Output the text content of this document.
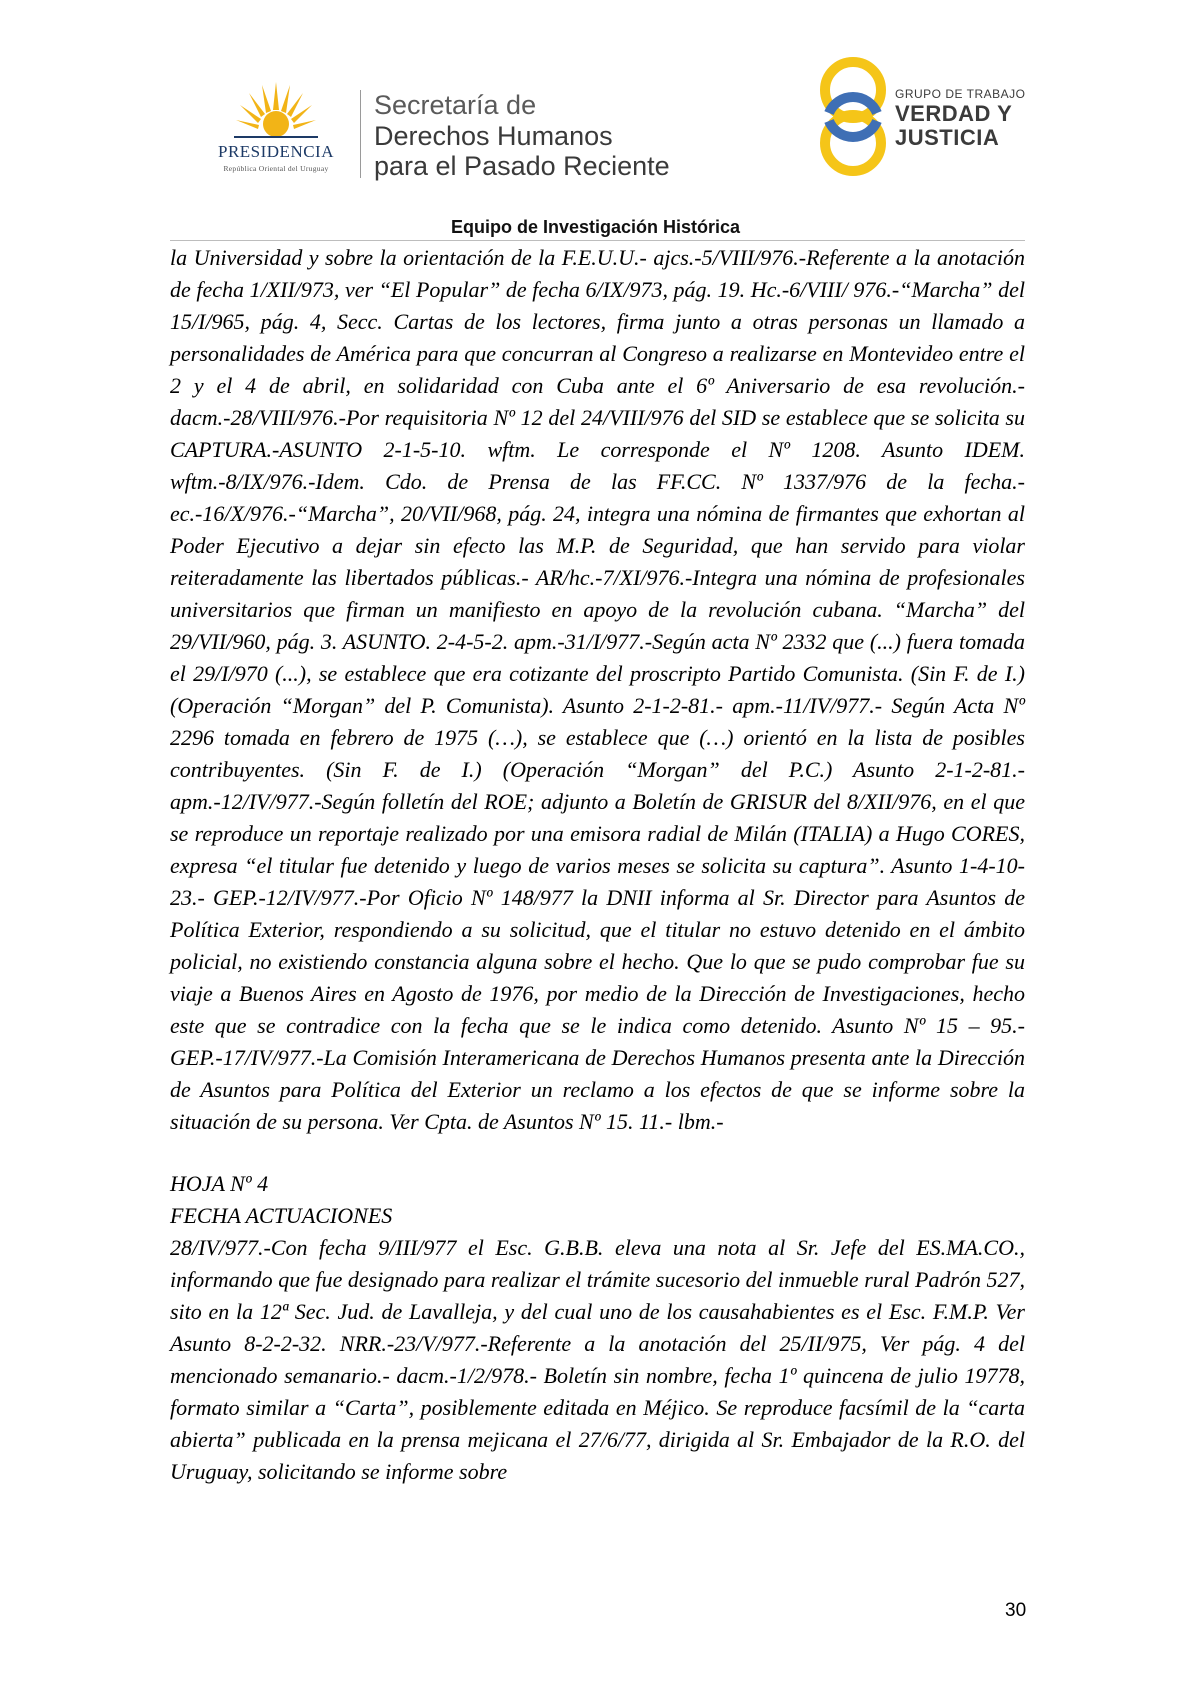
PRESIDENCIA
República Oriental del Uruguay
Secretaría de
Derechos Humanos
para el Pasado Reciente
GRUPO DE TRABAJO
VERDAD Y
JUSTICIA
Equipo de Investigación Histórica

la Universidad y sobre la orientación de la F.E.U.U.- ajcs.-5/VIII/976.-Referente a la anotación de fecha 1/XII/973, ver “El Popular” de fecha 6/IX/973, pág. 19. Hc.-6/VIII/ 976.-“Marcha” del 15/I/965, pág. 4, Secc. Cartas de los lectores, firma junto a otras personas un llamado a personalidades de América para que concurran al Congreso a realizarse en Montevideo entre el 2 y el 4 de abril, en solidaridad con Cuba ante el 6º Aniversario de esa revolución.- dacm.-28/VIII/976.-Por requisitoria Nº 12 del 24/VIII/976 del SID se establece que se solicita su CAPTURA.-ASUNTO 2-1-5-10. wftm. Le corresponde el Nº 1208. Asunto IDEM. wftm.-8/IX/976.-Idem. Cdo. de Prensa de las FF.CC. Nº 1337/976 de la fecha.- ec.-16/X/976.-“Marcha”, 20/VII/968, pág. 24, integra una nómina de firmantes que exhortan al Poder Ejecutivo a dejar sin efecto las M.P. de Seguridad, que han servido para violar reiteradamente las libertados públicas.- AR/hc.-7/XI/976.-Integra una nómina de profesionales universitarios que firman un manifiesto en apoyo de la revolución cubana. “Marcha” del 29/VII/960, pág. 3. ASUNTO. 2-4-5-2. apm.-31/I/977.-Según acta Nº 2332 que (...) fuera tomada el 29/I/970 (...), se establece que era cotizante del proscripto Partido Comunista. (Sin F. de I.) (Operación “Morgan” del P. Comunista). Asunto 2-1-2-81.- apm.-11/IV/977.- Según Acta Nº 2296 tomada en febrero de 1975 (…), se establece que (…) orientó en la lista de posibles contribuyentes. (Sin F. de I.) (Operación “Morgan” del P.C.) Asunto 2-1-2-81.- apm.-12/IV/977.-Según folletín del ROE; adjunto a Boletín de GRISUR del 8/XII/976, en el que se reproduce un reportaje realizado por una emisora radial de Milán (ITALIA) a Hugo CORES, expresa “el titular fue detenido y luego de varios meses se solicita su captura”. Asunto 1-4-10-23.- GEP.-12/IV/977.-Por Oficio Nº 148/977 la DNII informa al Sr. Director para Asuntos de Política Exterior, respondiendo a su solicitud, que el titular no estuvo detenido en el ámbito policial, no existiendo constancia alguna sobre el hecho. Que lo que se pudo comprobar fue su viaje a Buenos Aires en Agosto de 1976, por medio de la Dirección de Investigaciones, hecho este que se contradice con la fecha que se le indica como detenido. Asunto Nº 15 – 95.- GEP.-17/IV/977.-La Comisión Interamericana de Derechos Humanos presenta ante la Dirección de Asuntos para Política del Exterior un reclamo a los efectos de que se informe sobre la situación de su persona. Ver Cpta. de Asuntos Nº 15. 11.- lbm.-

HOJA Nº 4

FECHA ACTUACIONES

28/IV/977.-Con fecha 9/III/977 el Esc. G.B.B. eleva una nota al Sr. Jefe del ES.MA.CO., informando que fue designado para realizar el trámite sucesorio del inmueble rural Padrón 527, sito en la 12ª Sec. Jud. de Lavalleja, y del cual uno de los causahabientes es el Esc. F.M.P. Ver Asunto 8-2-2-32. NRR.-23/V/977.-Referente a la anotación del 25/II/975, Ver pág. 4 del mencionado semanario.- dacm.-1/2/978.- Boletín sin nombre, fecha 1º quincena de julio 19778, formato similar a “Carta”, posiblemente editada en Méjico. Se reproduce facsímil de la “carta abierta” publicada en la prensa mejicana el 27/6/77, dirigida al Sr. Embajador de la R.O. del Uruguay, solicitando se informe sobre

30
